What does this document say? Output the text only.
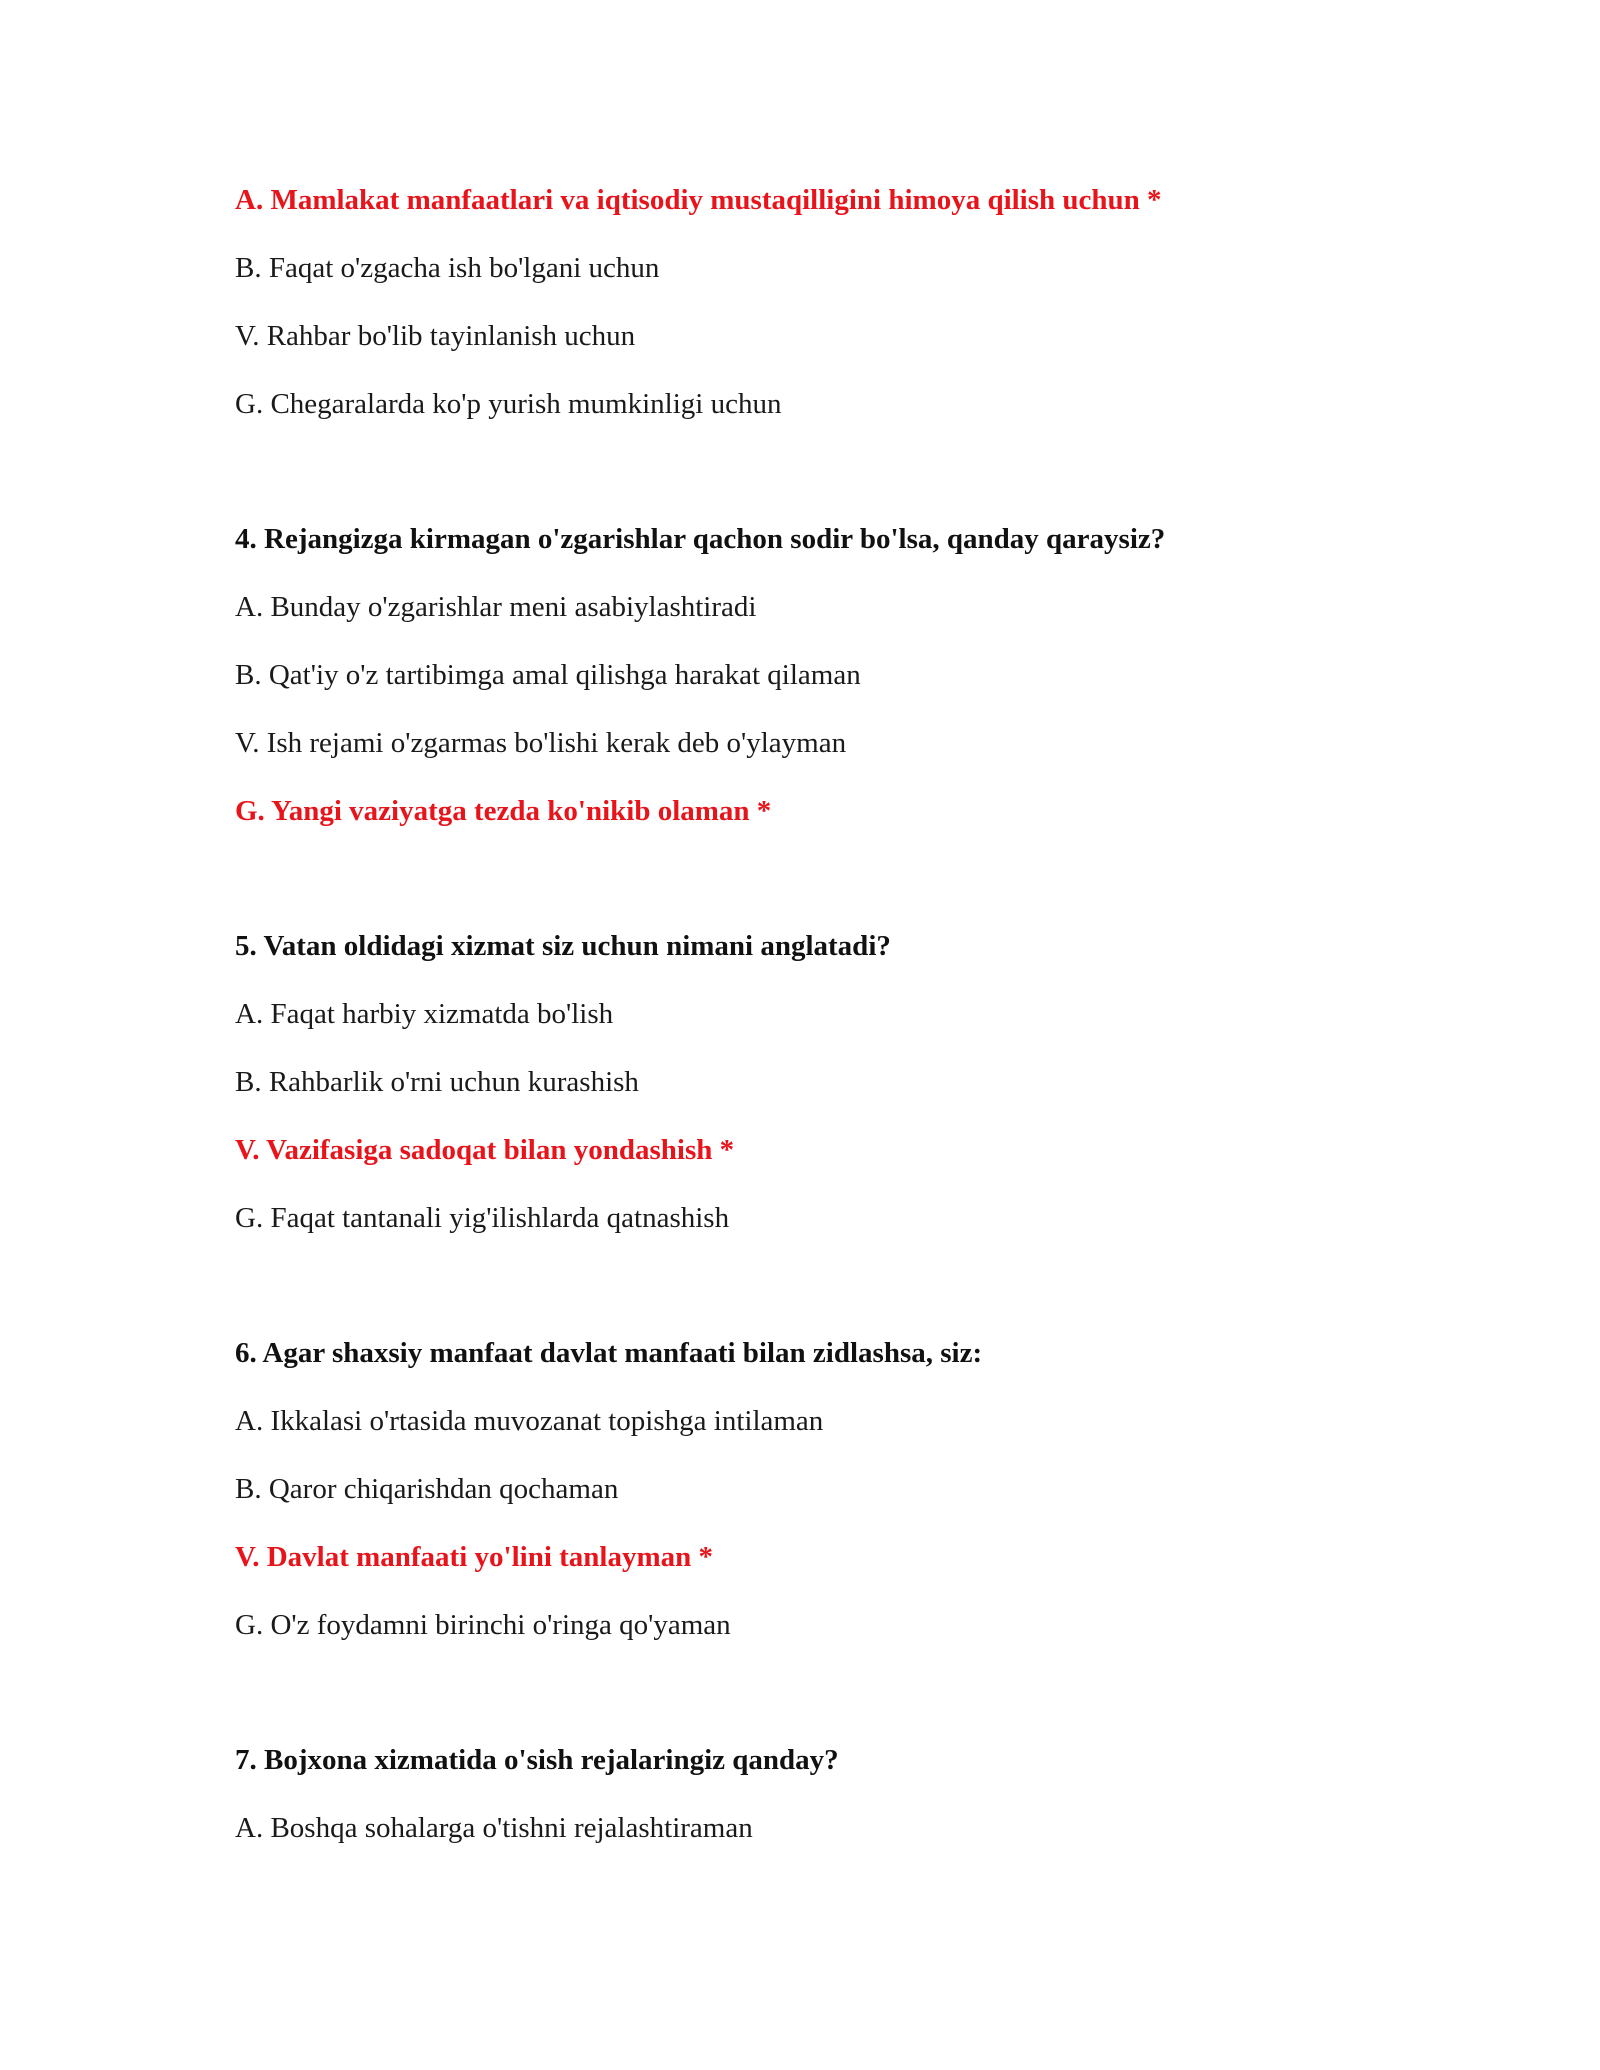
A. Mamlakat manfaatlari va iqtisodiy mustaqilligini himoya qilish uchun *
B. Faqat o'zgacha ish bo'lgani uchun
V. Rahbar bo'lib tayinlanish uchun
G. Chegaralarda ko'p yurish mumkinligi uchun
4. Rejangizga kirmagan o'zgarishlar qachon sodir bo'lsa, qanday qaraysiz?
A. Bunday o'zgarishlar meni asabiylashtiradi
B. Qat'iy o'z tartibimga amal qilishga harakat qilaman
V. Ish rejami o'zgarmas bo'lishi kerak deb o'ylayman
G. Yangi vaziyatga tezda ko'nikib olaman *
5. Vatan oldidagi xizmat siz uchun nimani anglatadi?
A. Faqat harbiy xizmatda bo'lish
B. Rahbarlik o'rni uchun kurashish
V. Vazifasiga sadoqat bilan yondashish *
G. Faqat tantanali yig'ilishlarda qatnashish
6. Agar shaxsiy manfaat davlat manfaati bilan zidlashsa, siz:
A. Ikkalasi o'rtasida muvozanat topishga intilaman
B. Qaror chiqarishdan qochaman
V. Davlat manfaati yo'lini tanlayman *
G. O'z foydamni birinchi o'ringa qo'yaman
7. Bojxona xizmatida o'sish rejalaringiz qanday?
A. Boshqa sohalarga o'tishni rejalashtiraman
